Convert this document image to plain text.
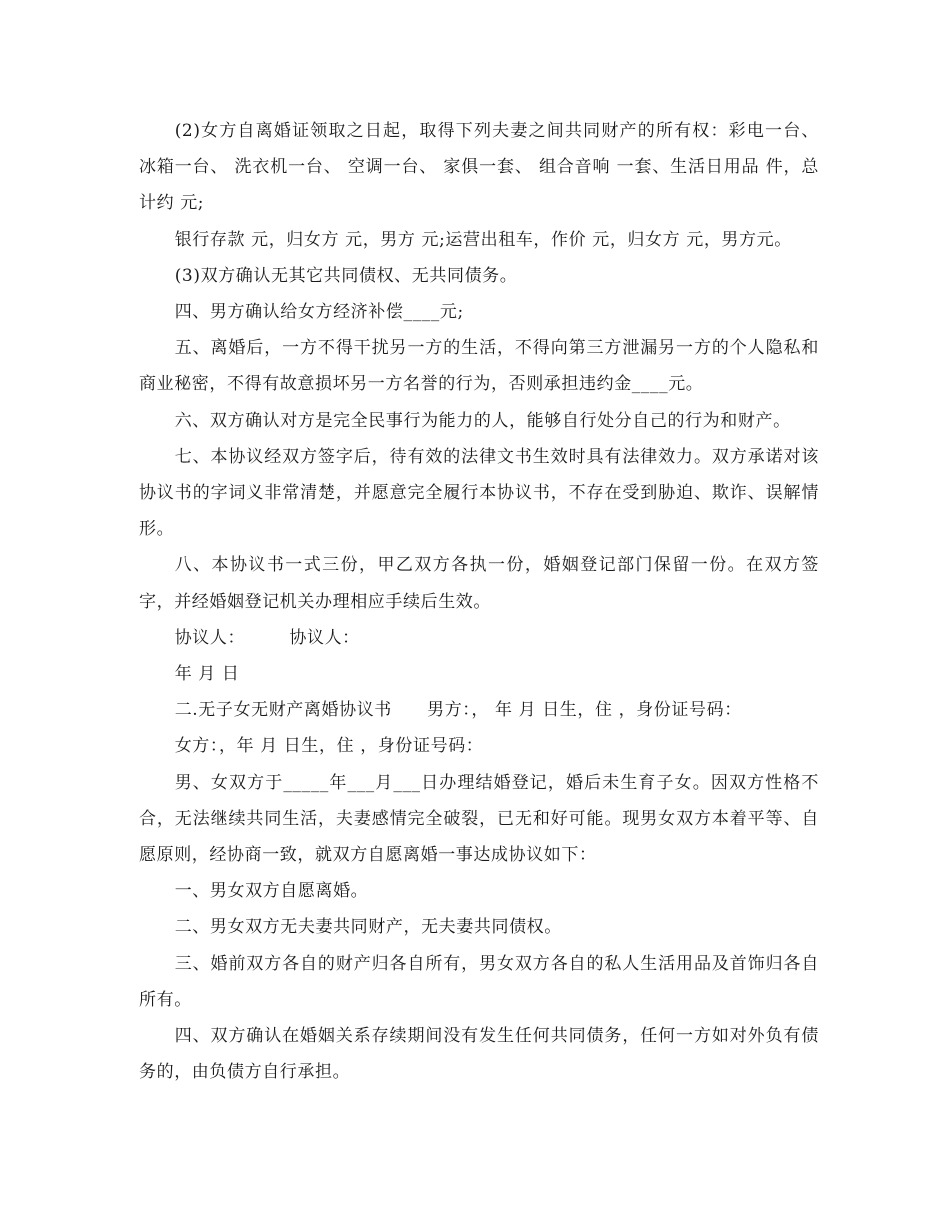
(2)女方自离婚证领取之日起，取得下列夫妻之间共同财产的所有权：彩电一台、 冰箱一台、 洗衣机一台、 空调一台、 家俱一套、 组合音响 一套、生活日用品 件，总计约 元;

银行存款 元，归女方 元，男方 元;运营出租车，作价 元，归女方 元，男方元。

(3)双方确认无其它共同债权、无共同债务。

四、男方确认给女方经济补偿____元;

五、离婚后，一方不得干扰另一方的生活，不得向第三方泄漏另一方的个人隐私和商业秘密，不得有故意损坏另一方名誉的行为，否则承担违约金____元。

六、双方确认对方是完全民事行为能力的人，能够自行处分自己的行为和财产。

七、本协议经双方签字后，待有效的法律文书生效时具有法律效力。双方承诺对该协议书的字词义非常清楚，并愿意完全履行本协议书，不存在受到胁迫、欺诈、误解情形。

八、本协议书一式三份，甲乙双方各执一份，婚姻登记部门保留一份。在双方签字，并经婚姻登记机关办理相应手续后生效。

协议人：　　　协议人：

年 月 日

二.无子女无财产离婚协议书　　男方：， 年 月 日生，住 ，身份证号码：

女方：，年 月 日生，住 ，身份证号码：

男、女双方于_____年___月___日办理结婚登记，婚后未生育子女。因双方性格不合，无法继续共同生活，夫妻感情完全破裂，已无和好可能。现男女双方本着平等、自愿原则，经协商一致，就双方自愿离婚一事达成协议如下：

一、男女双方自愿离婚。

二、男女双方无夫妻共同财产，无夫妻共同债权。

三、婚前双方各自的财产归各自所有，男女双方各自的私人生活用品及首饰归各自所有。

四、双方确认在婚姻关系存续期间没有发生任何共同债务，任何一方如对外负有债务的，由负债方自行承担。
